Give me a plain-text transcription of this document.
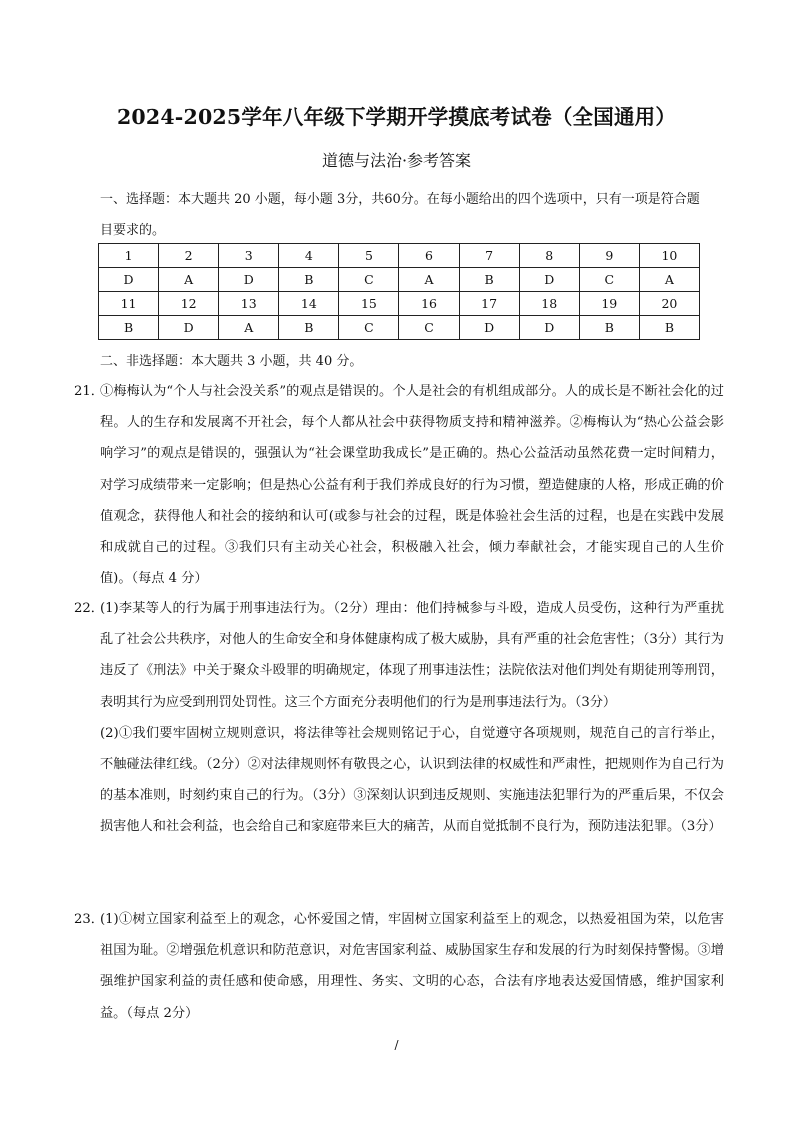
2024-2025学年八年级下学期开学摸底考试卷（全国通用）
道德与法治·参考答案
一、选择题：本大题共 20 小题，每小题 3分，共60分。在每小题给出的四个选项中，只有一项是符合题目要求的。
1	2	3	4	5	6	7	8	9	10
D	A	D	B	C	A	B	D	C	A
11	12	13	14	15	16	17	18	19	20
B	D	A	B	C	C	D	D	B	B
二、非选择题：本大题共 3 小题，共 40 分。
21．
①梅梅认为“个人与社会没关系”的观点是错误的。个人是社会的有机组成部分。人的成长是不断社会化的过程。人的生存和发展离不开社会，每个人都从社会中获得物质支持和精神滋养。②梅梅认为“热心公益会影响学习”的观点是错误的，强强认为“社会课堂助我成长”是正确的。热心公益活动虽然花费一定时间精力，对学习成绩带来一定影响；但是热心公益有利于我们养成良好的行为习惯，塑造健康的人格，形成正确的价值观念，获得他人和社会的接纳和认可(或参与社会的过程，既是体验社会生活的过程，也是在实践中发展和成就自己的过程。③我们只有主动关心社会，积极融入社会，倾力奉献社会，才能实现自己的人生价值)。（每点 4 分）
22．
(1)李某等人的行为属于刑事违法行为。（2分）理由：他们持械参与斗殴，造成人员受伤，这种行为严重扰乱了社会公共秩序，对他人的生命安全和身体健康构成了极大威胁，具有严重的社会危害性；（3分）其行为违反了《刑法》中关于聚众斗殴罪的明确规定，体现了刑事违法性；法院依法对他们判处有期徒刑等刑罚，表明其行为应受到刑罚处罚性。这三个方面充分表明他们的行为是刑事违法行为。（3分）
(2)①我们要牢固树立规则意识，将法律等社会规则铭记于心，自觉遵守各项规则，规范自己的言行举止，不触碰法律红线。（2分）②对法律规则怀有敬畏之心，认识到法律的权威性和严肃性，把规则作为自己行为的基本准则，时刻约束自己的行为。（3分）③深刻认识到违反规则、实施违法犯罪行为的严重后果，不仅会损害他人和社会利益，也会给自己和家庭带来巨大的痛苦，从而自觉抵制不良行为，预防违法犯罪。（3分）
23．
(1)①树立国家利益至上的观念，心怀爱国之情，牢固树立国家利益至上的观念，以热爱祖国为荣，以危害祖国为耻。②增强危机意识和防范意识，对危害国家利益、威胁国家生存和发展的行为时刻保持警惕。③增强维护国家利益的责任感和使命感，用理性、务实、文明的心态，合法有序地表达爱国情感，维护国家利益。（每点 2分）
/
